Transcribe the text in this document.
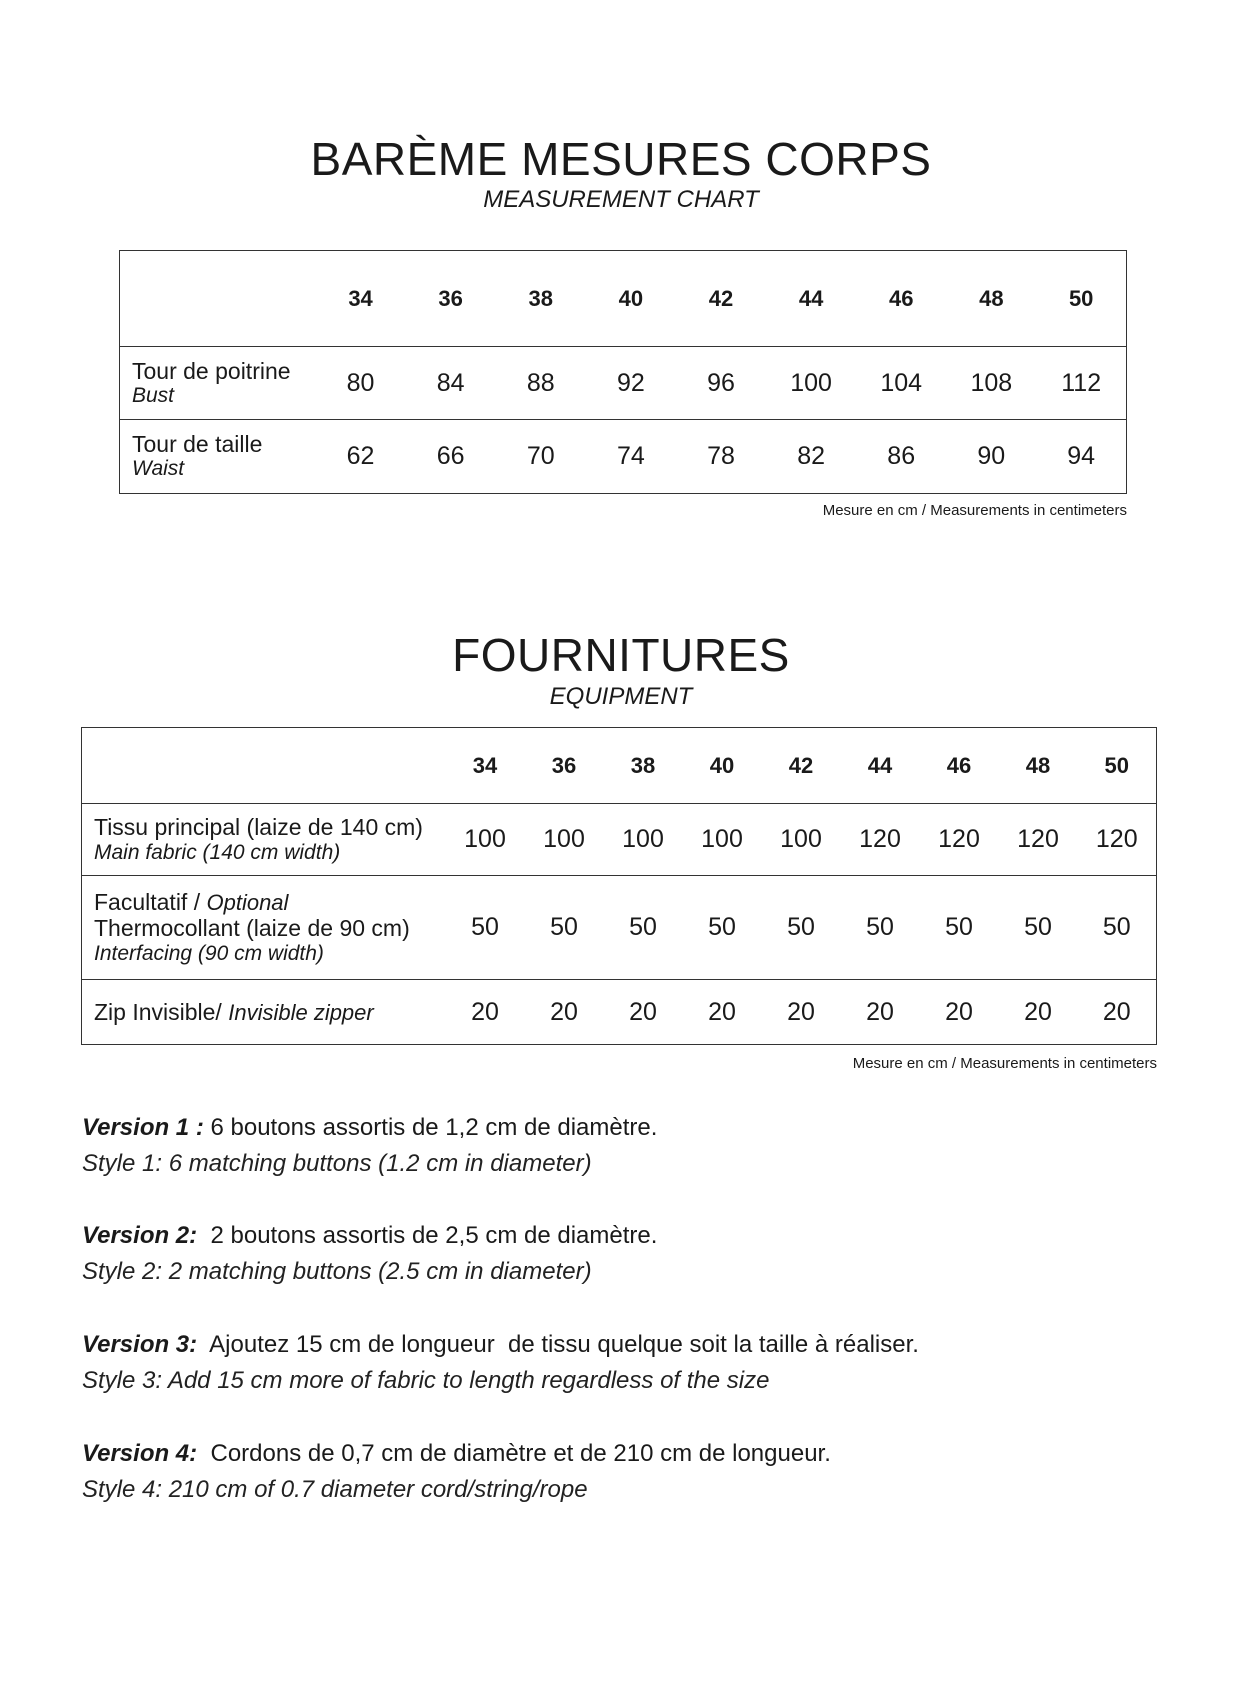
BARÈME MESURES CORPS
MEASUREMENT CHART
	34	36	38	40	42	44	46	48	50

Tour de poitrine
Bust	80	84	88	92	96	100	104	108	112

Tour de taille
Waist	62	66	70	74	78	82	86	90	94
Mesure en cm / Measurements in centimeters
FOURNITURES
EQUIPMENT
	34	36	38	40	42	44	46	48	50

Tissu principal (laize de 140 cm)
Main fabric (140 cm width)	100	100	100	100	100	120	120	120	120

Facultatif / Optional
Thermocollant (laize de 90 cm)
Interfacing (90 cm width)	50	50	50	50	50	50	50	50	50
Zip Invisible/ Invisible zipper	20	20	20	20	20	20	20	20	20
Mesure en cm / Measurements in centimeters
Version 1 : 6 boutons assortis de 1,2 cm de diamètre.
Style 1: 6 matching buttons (1.2 cm in diameter)
Version 2:  2 boutons assortis de 2,5 cm de diamètre.
Style 2: 2 matching buttons (2.5 cm in diameter)
Version 3:  Ajoutez 15 cm de longueur  de tissu quelque soit la taille à réaliser.
Style 3: Add 15 cm more of fabric to length regardless of the size
Version 4:  Cordons de 0,7 cm de diamètre et de 210 cm de longueur.
Style 4: 210 cm of 0.7 diameter cord/string/rope
